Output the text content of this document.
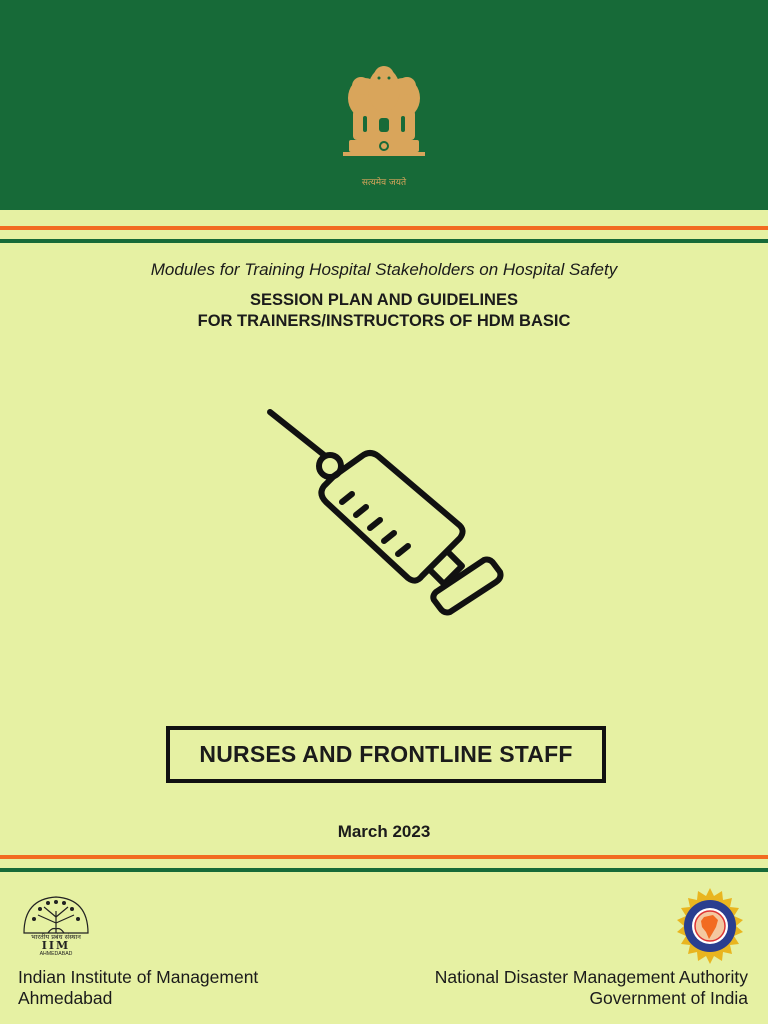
सत्यमेव जयते
Modules for Training Hospital Stakeholders on Hospital Safety
SESSION PLAN AND GUIDELINES
FOR TRAINERS/INSTRUCTORS OF HDM BASIC
NURSES AND FRONTLINE STAFF
March 2023
भारतीय प्रबंध संस्थान
IIM
AHMEDABAD
Indian Institute of Management
Ahmedabad
National Disaster Management Authority
Government of India
